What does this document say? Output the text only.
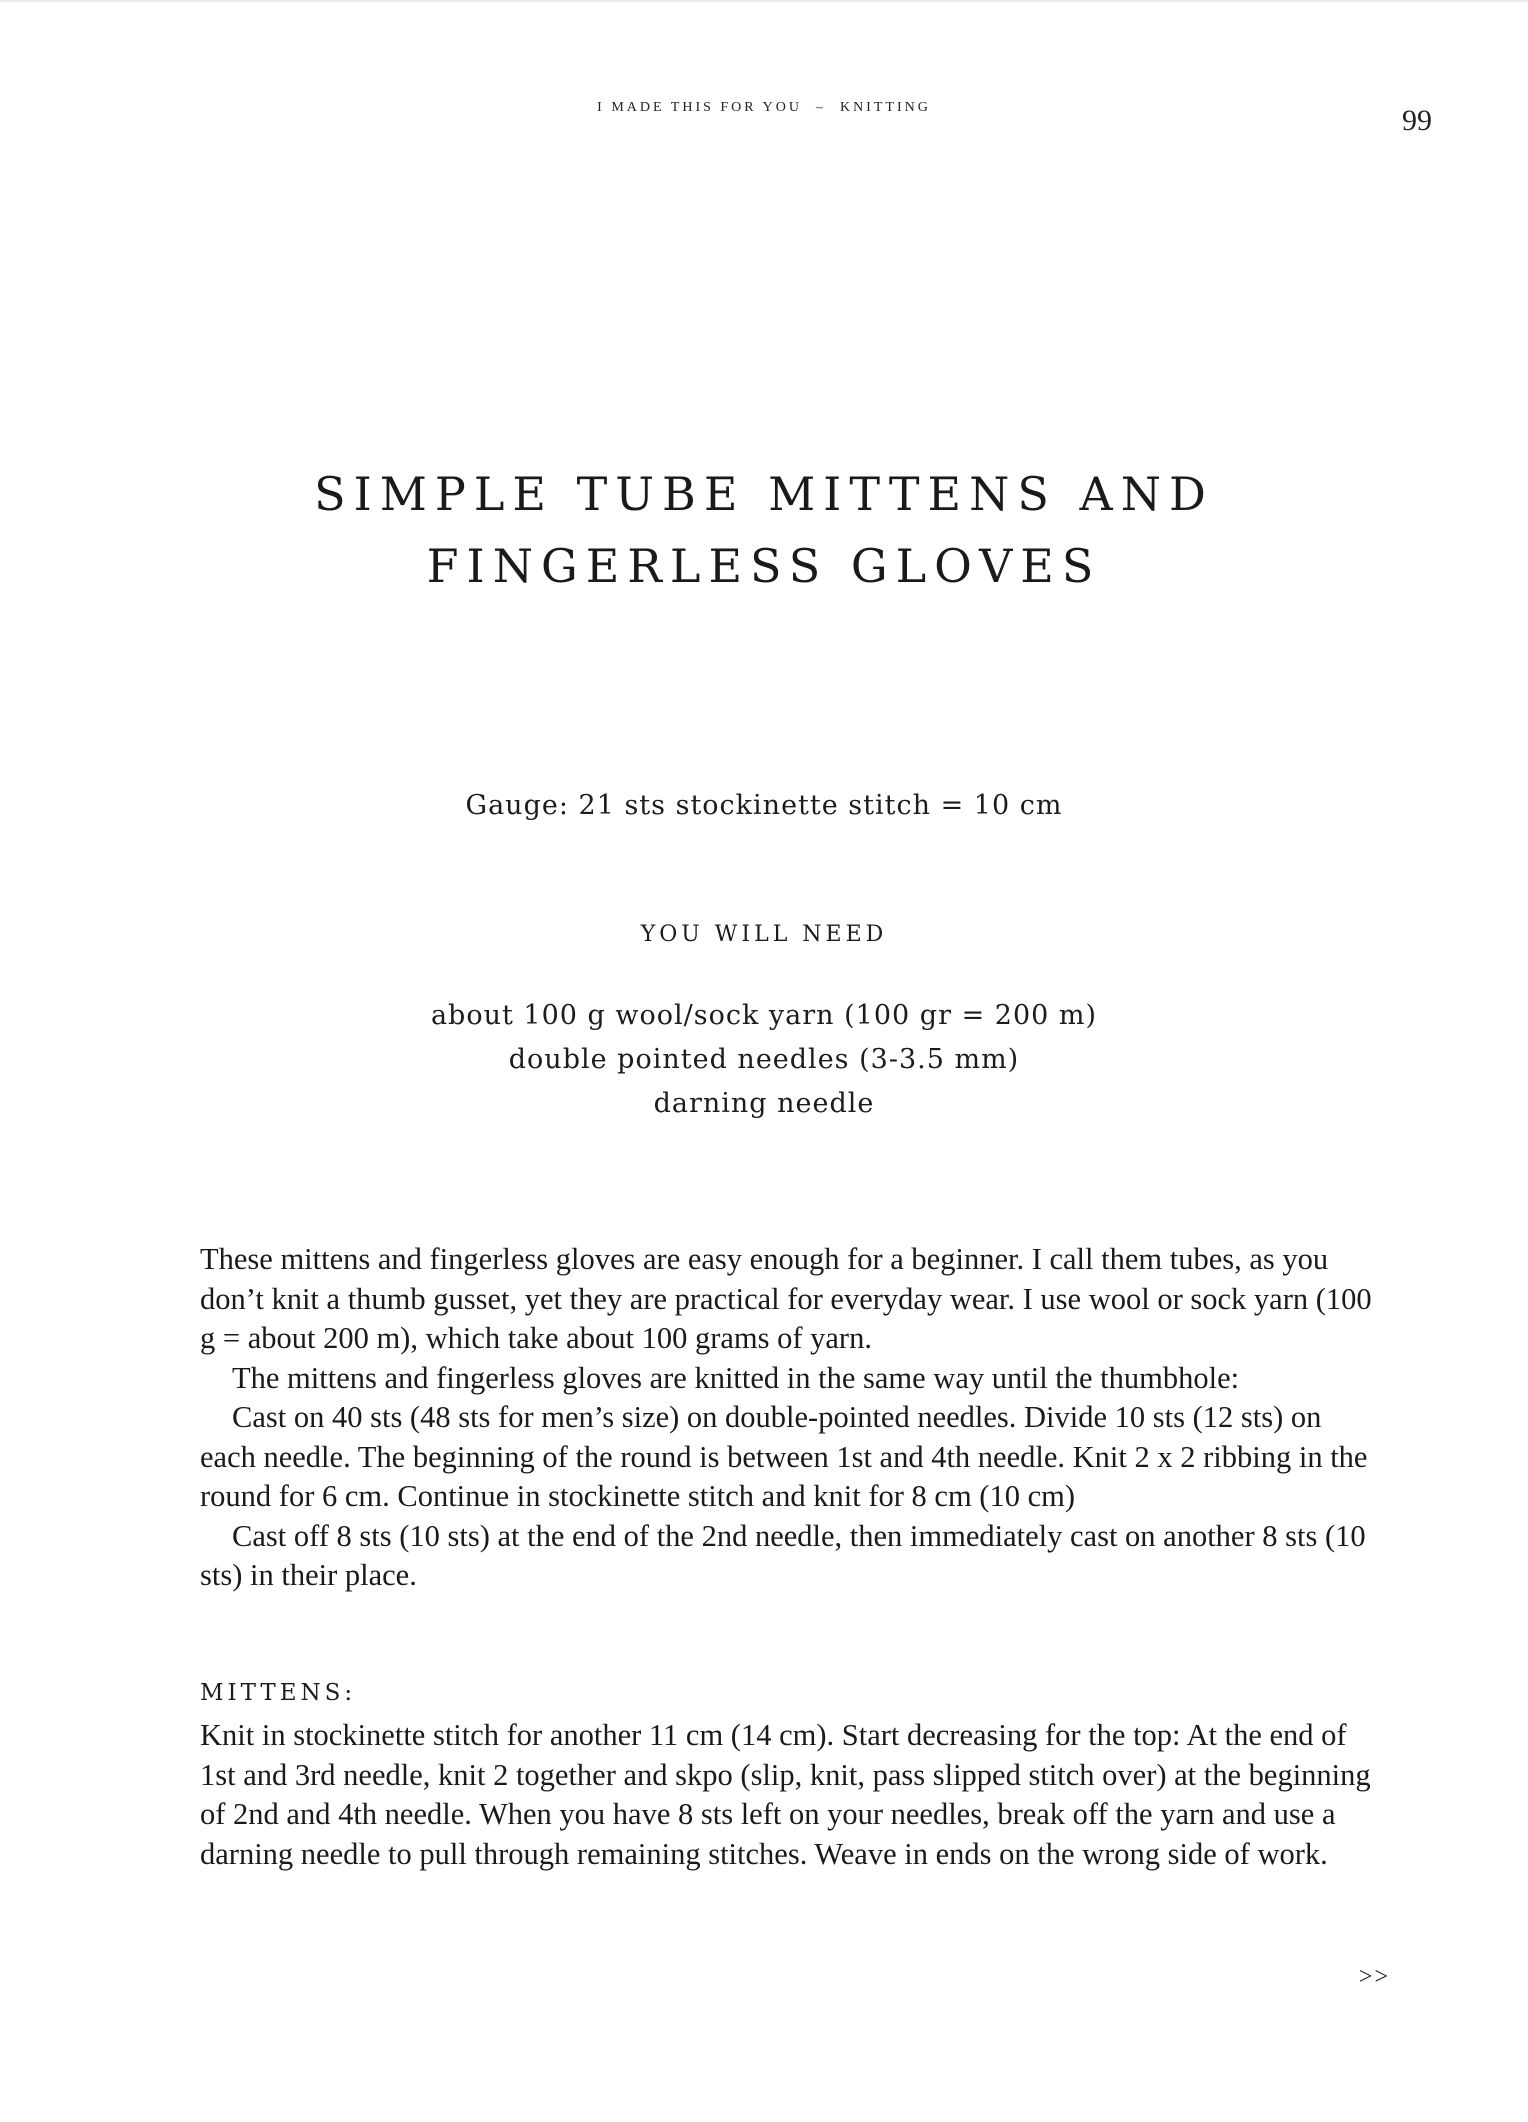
I MADE THIS FOR YOU – KNITTING	99
SIMPLE TUBE MITTENS AND
FINGERLESS GLOVES
Gauge: 21 sts stockinette stitch = 10 cm
YOU WILL NEED
about 100 g wool/sock yarn (100 gr = 200 m)
double pointed needles (3-3.5 mm)
darning needle

These mittens and fingerless gloves are easy enough for a beginner. I call them tubes, as you don’t knit a thumb gusset, yet they are practical for everyday wear. I use wool or sock yarn (100 g = about 200 m), which take about 100 grams of yarn.

The mittens and fingerless gloves are knitted in the same way until the thumbhole:

Cast on 40 sts (48 sts for men’s size) on double-pointed needles. Divide 10 sts (12 sts) on each needle. The beginning of the round is between 1st and 4th needle. Knit 2 x 2 ribbing in the round for 6 cm. Continue in stockinette stitch and knit for 8 cm (10 cm)

Cast off 8 sts (10 sts) at the end of the 2nd needle, then immediately cast on another 8 sts (10 sts) in their place.

MITTENS:

Knit in stockinette stitch for another 11 cm (14 cm). Start decreasing for the top: At the end of 1st and 3rd needle, knit 2 together and skpo (slip, knit, pass slipped stitch over) at the beginning of 2nd and 4th needle. When you have 8 sts left on your needles, break off the yarn and use a darning needle to pull through remaining stitches. Weave in ends on the wrong side of work.

>>
